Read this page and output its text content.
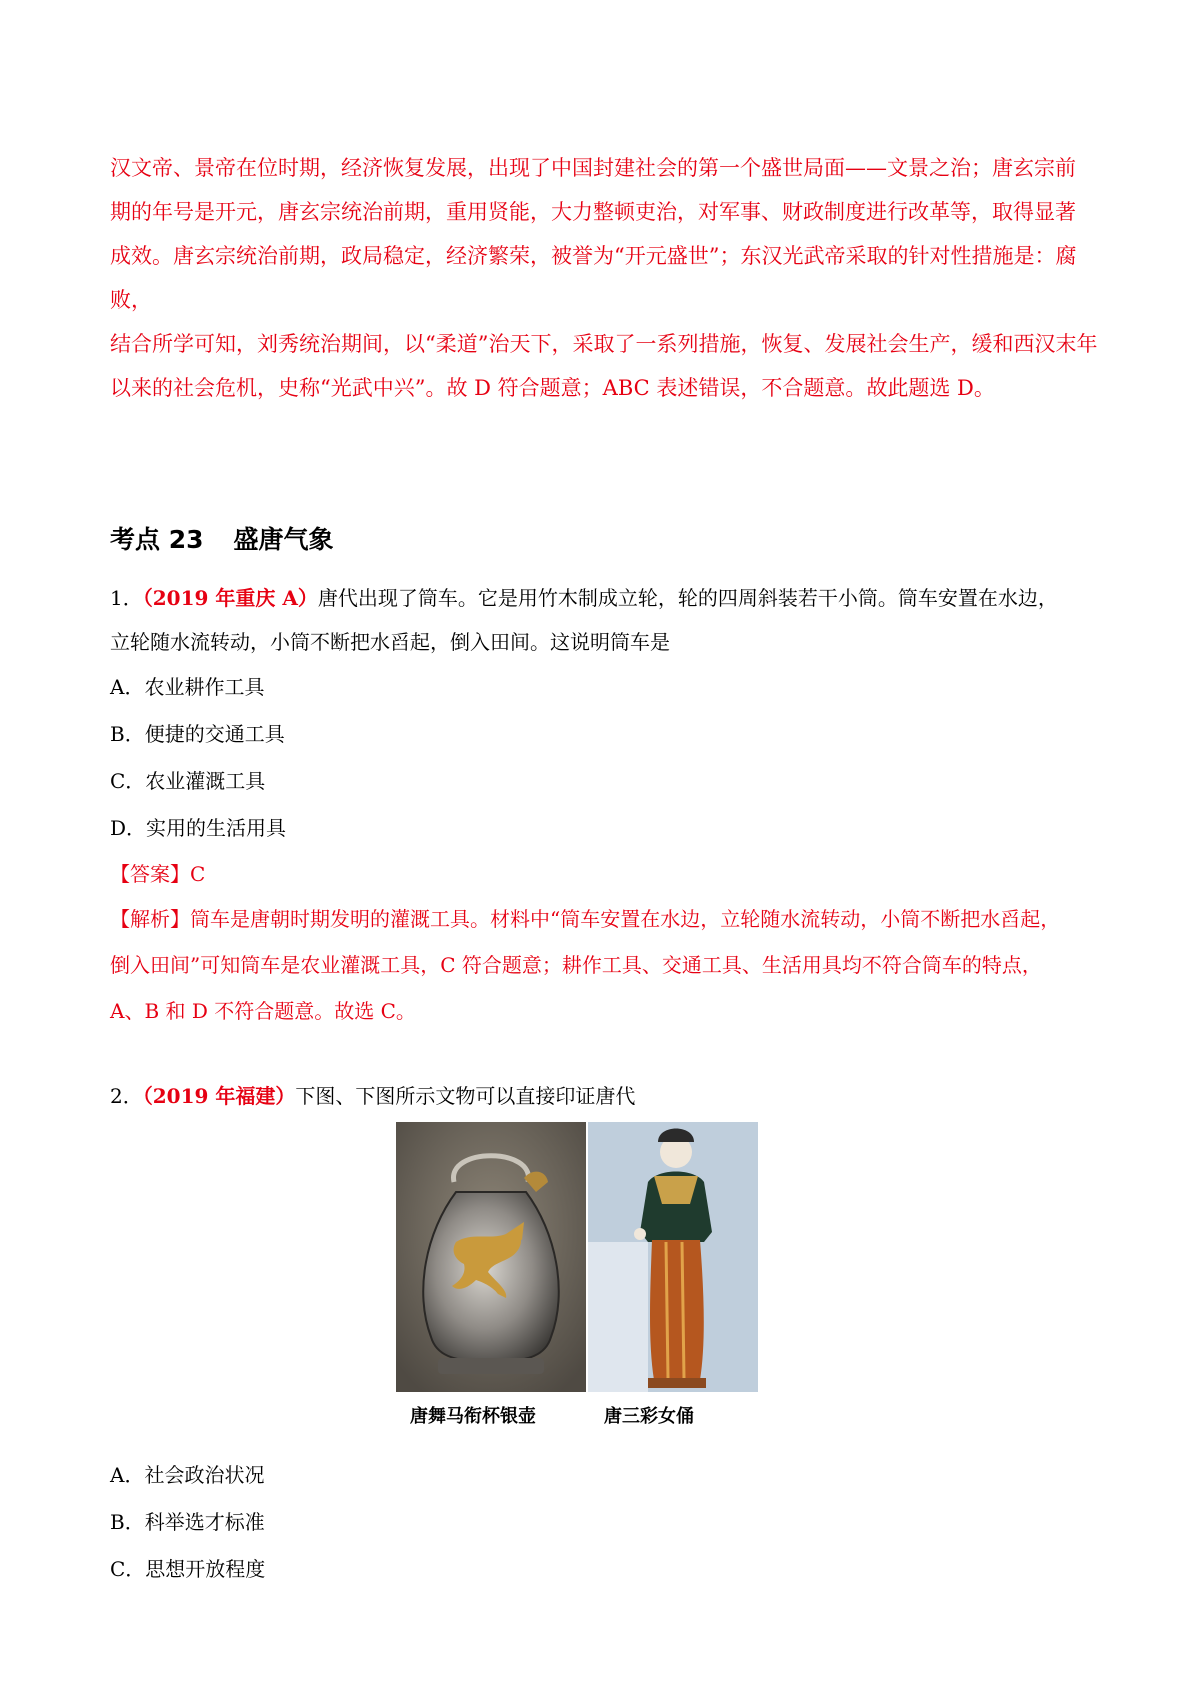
汉文帝、景帝在位时期，经济恢复发展，出现了中国封建社会的第一个盛世局面——文景之治；唐玄宗前

期的年号是开元，唐玄宗统治前期，重用贤能，大力整顿吏治，对军事、财政制度进行改革等，取得显著

成效。唐玄宗统治前期，政局稳定，经济繁荣，被誉为“开元盛世”；东汉光武帝采取的针对性措施是：腐败，

结合所学可知，刘秀统治期间，以“柔道”治天下，采取了一系列措施，恢复、发展社会生产，缓和西汉末年

以来的社会危机，史称“光武中兴”。故 D 符合题意；ABC 表述错误，不合题意。故此题选 D。

考点 23 盛唐气象

1．（2019 年重庆 A）唐代出现了筒车。它是用竹木制成立轮，轮的四周斜装若干小筒。筒车安置在水边，

立轮随水流转动，小筒不断把水舀起，倒入田间。这说明筒车是

A．农业耕作工具

B．便捷的交通工具

C．农业灌溉工具

D．实用的生活用具

【答案】C

【解析】筒车是唐朝时期发明的灌溉工具。材料中“筒车安置在水边，立轮随水流转动，小筒不断把水舀起，

倒入田间”可知筒车是农业灌溉工具，C 符合题意；耕作工具、交通工具、生活用具均不符合筒车的特点，

A、B 和 D 不符合题意。故选 C。

2．（2019 年福建）下图、下图所示文物可以直接印证唐代

唐舞马衔杯银壶	唐三彩女俑

A．社会政治状况

B．科举选才标准

C．思想开放程度
